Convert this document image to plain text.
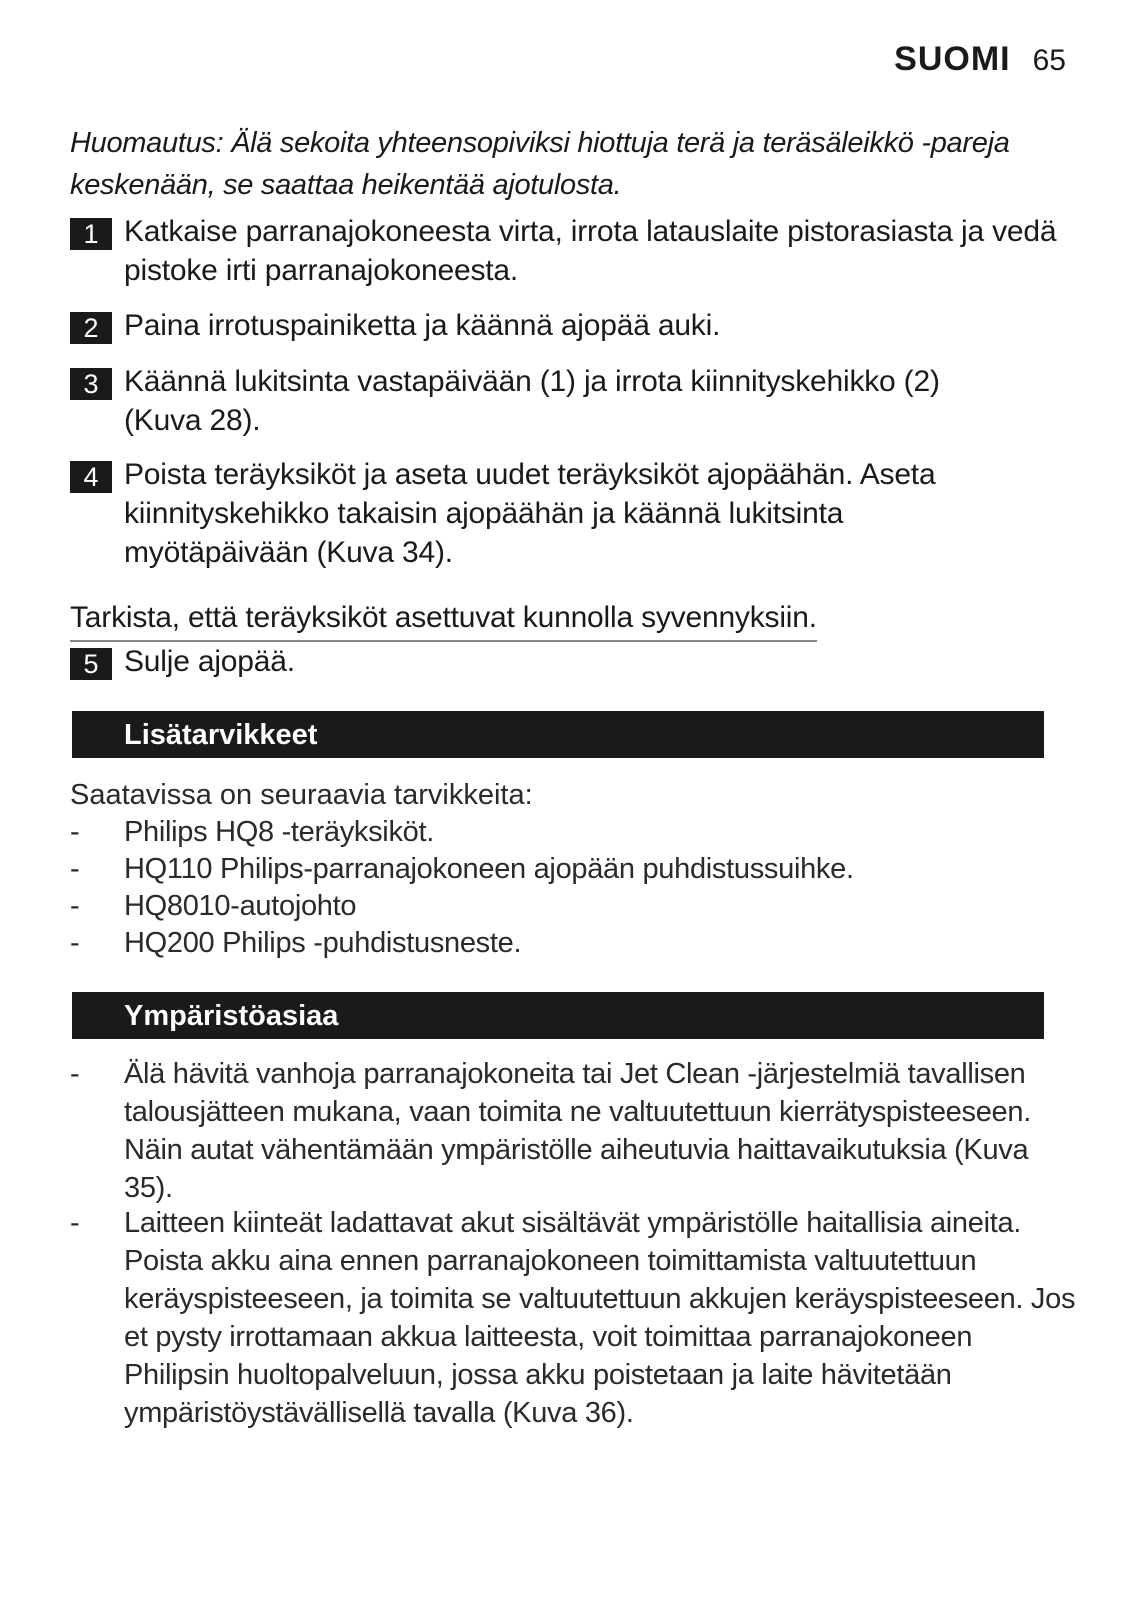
SUOMI 65
Huomautus: Älä sekoita yhteensopiviksi hiottuja terä ja teräsäleikkö -pareja keskenään, se saattaa heikentää ajotulosta.
1 Katkaise parranajokoneesta virta, irrota latauslaite pistorasiasta ja vedä pistoke irti parranajokoneesta.
2 Paina irrotuspainiketta ja käännä ajopää auki.
3 Käännä lukitsinta vastapäivään (1) ja irrota kiinnityskehikko (2) (Kuva 28).
4 Poista teräyksiköt ja aseta uudet teräyksiköt ajopäähän. Aseta kiinnityskehikko takaisin ajopäähän ja käännä lukitsinta myötäpäivään (Kuva 34).
Tarkista, että teräyksiköt asettuvat kunnolla syvennyksiin.
5 Sulje ajopää.
Lisätarvikkeet
Saatavissa on seuraavia tarvikkeita:
-	Philips HQ8 -teräyksiköt.
-	HQ110 Philips-parranajokoneen ajopään puhdistussuihke.
-	HQ8010-autojohto
-	HQ200 Philips -puhdistusneste.
Ympäristöasiaa
-	Älä hävitä vanhoja parranajokoneita tai Jet Clean -järjestelmiä tavallisen talousjätteen mukana, vaan toimita ne valtuutettuun kierrätyspisteeseen. Näin autat vähentämään ympäristölle aiheutuvia haittavaikutuksia (Kuva 35).
-	Laitteen kiinteät ladattavat akut sisältävät ympäristölle haitallisia aineita. Poista akku aina ennen parranajokoneen toimittamista valtuutettuun keräyspisteeseen, ja toimita se valtuutettuun akkujen keräyspisteeseen. Jos et pysty irrottamaan akkua laitteesta, voit toimittaa parranajokoneen Philipsin huoltopalveluun, jossa akku poistetaan ja laite hävitetään ympäristöystävällisellä tavalla (Kuva 36).
